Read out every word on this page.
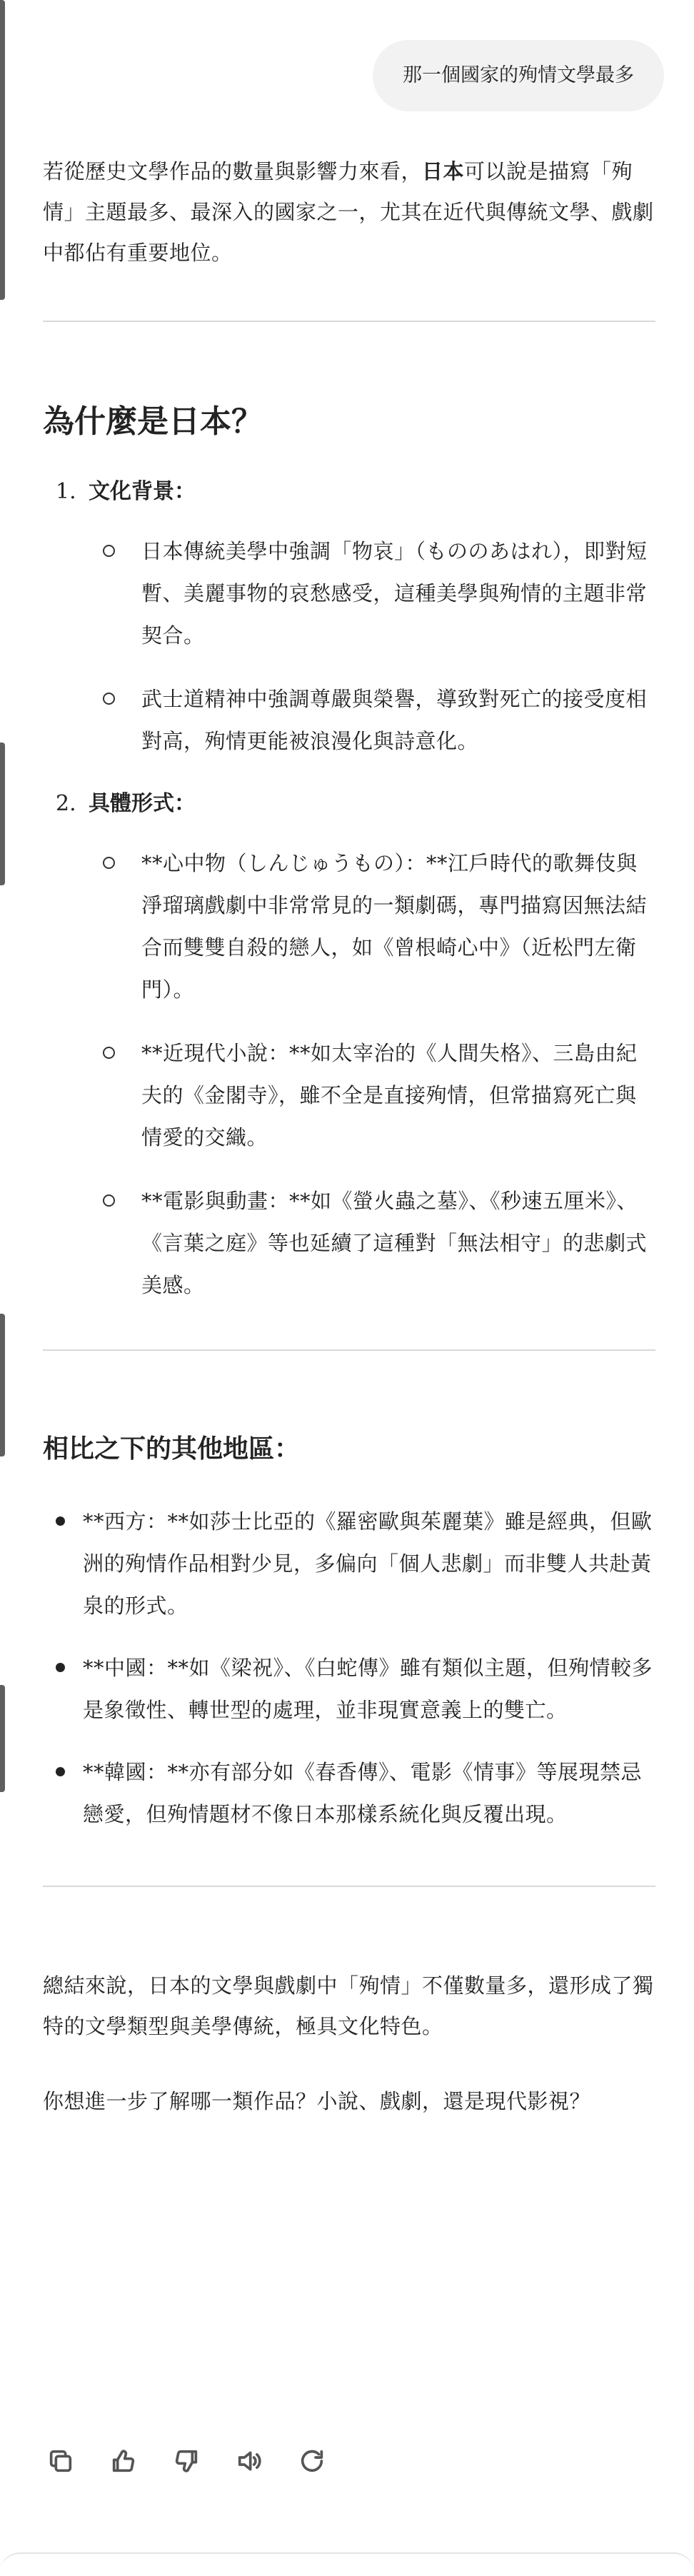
那一個國家的殉情文學最多

若從歷史文學作品的數量與影響力來看，日本可以說是描寫「殉情」主題最多、最深入的國家之一，尤其在近代與傳統文學、戲劇中都佔有重要地位。

為什麼是日本？
1. 文化背景：
日本傳統美學中強調「物哀」（もののあはれ），即對短暫、美麗事物的哀愁感受，這種美學與殉情的主題非常契合。
武士道精神中強調尊嚴與榮譽，導致對死亡的接受度相對高，殉情更能被浪漫化與詩意化。
2. 具體形式：
**心中物（しんじゅうもの）：**江戶時代的歌舞伎與淨瑠璃戲劇中非常常見的一類劇碼，專門描寫因無法結合而雙雙自殺的戀人，如《曾根崎心中》（近松門左衛門）。
**近現代小說：**如太宰治的《人間失格》、三島由紀夫的《金閣寺》，雖不全是直接殉情，但常描寫死亡與情愛的交織。
**電影與動畫：**如《螢火蟲之墓》、《秒速五厘米》、《言葉之庭》等也延續了這種對「無法相守」的悲劇式美感。
相比之下的其他地區：
**西方：**如莎士比亞的《羅密歐與茱麗葉》雖是經典，但歐洲的殉情作品相對少見，多偏向「個人悲劇」而非雙人共赴黃泉的形式。
**中國：**如《梁祝》、《白蛇傳》雖有類似主題，但殉情較多是象徵性、轉世型的處理，並非現實意義上的雙亡。
**韓國：**亦有部分如《春香傳》、電影《情事》等展現禁忌戀愛，但殉情題材不像日本那樣系統化與反覆出現。

總結來說，日本的文學與戲劇中「殉情」不僅數量多，還形成了獨特的文學類型與美學傳統，極具文化特色。

你想進一步了解哪一類作品？小說、戲劇，還是現代影視？
